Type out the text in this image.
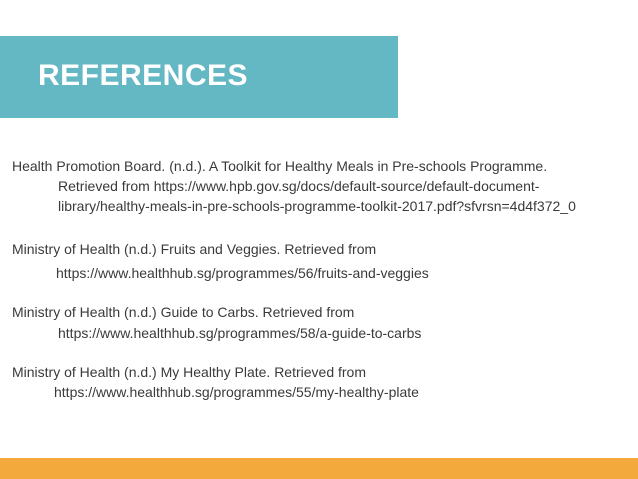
REFERENCES
Health Promotion Board. (n.d.). A Toolkit for Healthy Meals in Pre-schools Programme.
Retrieved from https://www.hpb.gov.sg/docs/default-source/default-document-
library/healthy-meals-in-pre-schools-programme-toolkit-2017.pdf?sfvrsn=4d4f372_0
Ministry of Health (n.d.) Fruits and Veggies. Retrieved from
https://www.healthhub.sg/programmes/56/fruits-and-veggies
Ministry of Health (n.d.) Guide to Carbs. Retrieved from
https://www.healthhub.sg/programmes/58/a-guide-to-carbs
Ministry of Health (n.d.) My Healthy Plate. Retrieved from
https://www.healthhub.sg/programmes/55/my-healthy-plate
